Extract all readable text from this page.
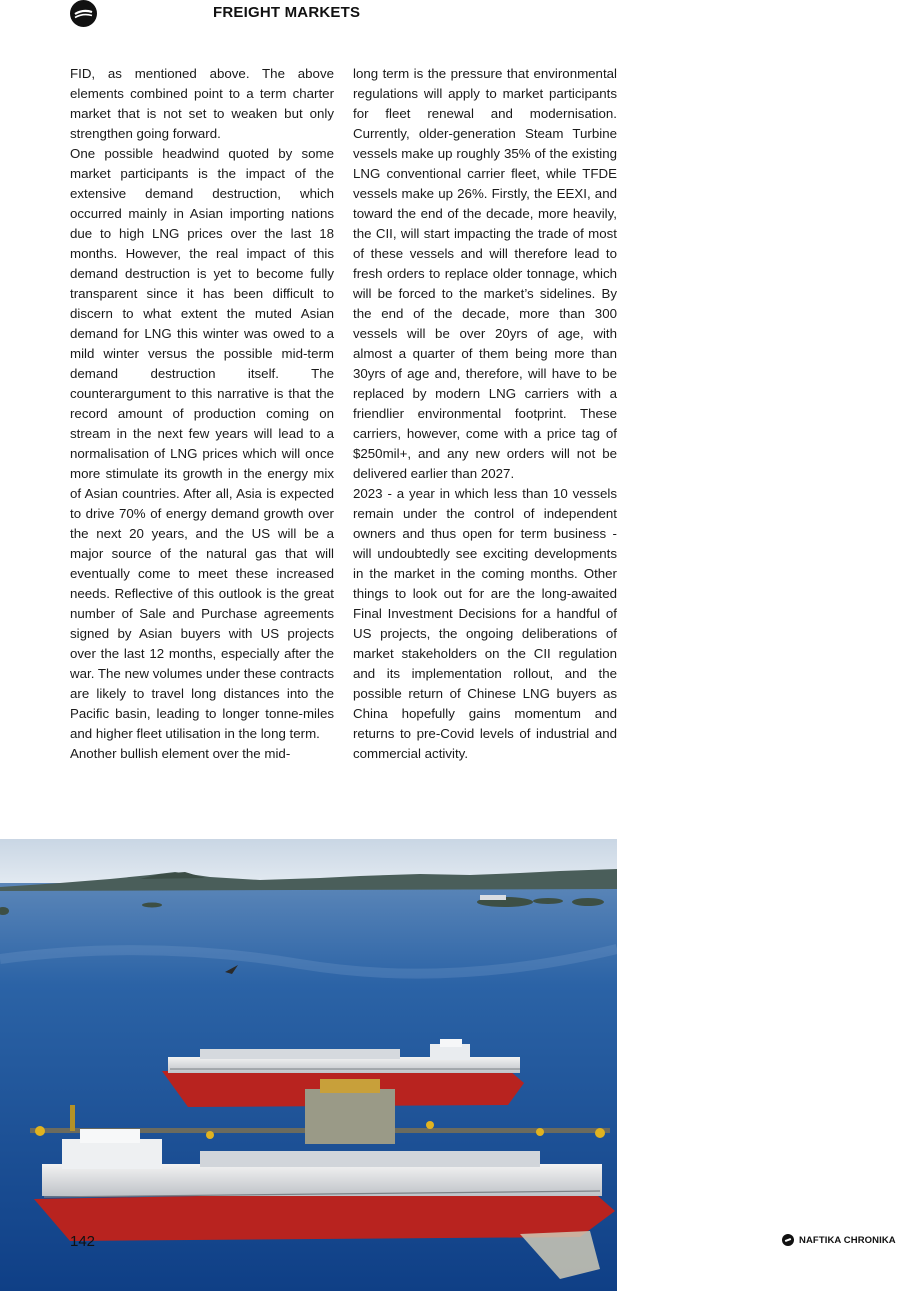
FREIGHT MARKETS

FID, as mentioned above. The above elements combined point to a term charter market that is not set to weaken but only strengthen going forward.

One possible headwind quoted by some market participants is the impact of the extensive demand destruction, which occurred mainly in Asian importing nations due to high LNG prices over the last 18 months. However, the real impact of this demand destruction is yet to become fully transparent since it has been difficult to discern to what extent the muted Asian demand for LNG this winter was owed to a mild winter versus the possible mid-term demand destruction itself. The counterargument to this narrative is that the record amount of production coming on stream in the next few years will lead to a normalisation of LNG prices which will once more stimulate its growth in the energy mix of Asian countries. After all, Asia is expected to drive 70% of energy demand growth over the next 20 years, and the US will be a major source of the natural gas that will eventually come to meet these increased needs. Reflective of this outlook is the great number of Sale and Purchase agreements signed by Asian buyers with US projects over the last 12 months, especially after the war. The new volumes under these contracts are likely to travel long distances into the Pacific basin, leading to longer tonne-miles and higher fleet utilisation in the long term.

Another bullish element over the mid-

long term is the pressure that environmental regulations will apply to market participants for fleet renewal and modernisation. Currently, older-generation Steam Turbine vessels make up roughly 35% of the existing LNG conventional carrier fleet, while TFDE vessels make up 26%. Firstly, the EEXI, and toward the end of the decade, more heavily, the CII, will start impacting the trade of most of these vessels and will therefore lead to fresh orders to replace older tonnage, which will be forced to the market’s sidelines. By the end of the decade, more than 300 vessels will be over 20yrs of age, with almost a quarter of them being more than 30yrs of age and, therefore, will have to be replaced by modern LNG carriers with a friendlier environmental footprint. These carriers, however, come with a price tag of $250mil+, and any new orders will not be delivered earlier than 2027.

2023 - a year in which less than 10 vessels remain under the control of independent owners and thus open for term business - will undoubtedly see exciting developments in the market in the coming months. Other things to look out for are the long-awaited Final Investment Decisions for a handful of US projects, the ongoing deliberations of market stakeholders on the CII regulation and its implementation rollout, and the possible return of Chinese LNG buyers as China hopefully gains momentum and returns to pre-Covid levels of industrial and commercial activity.

142	NAFTIKA CHRONIKA
